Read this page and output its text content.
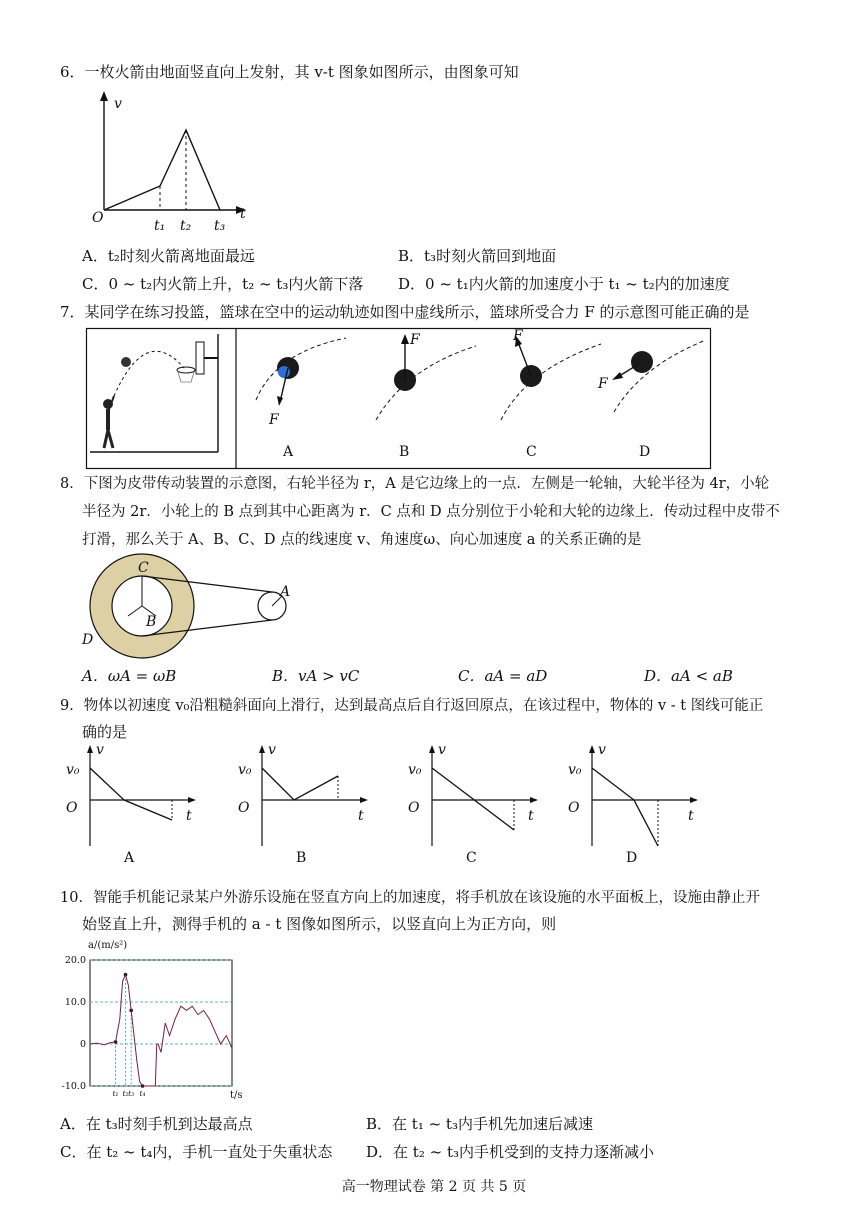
6．一枚火箭由地面竖直向上发射，其 v-t 图象如图所示，由图象可知
v
t
O	t₁ t₂ t₃
A．t₂时刻火箭离地面最远	B．t₃时刻火箭回到地面
C．0 ~ t₂内火箭上升，t₂ ~ t₃内火箭下落 D．0 ~ t₁内火箭的加速度小于 t₁ ~ t₂内的加速度
7．某同学在练习投篮，篮球在空中的运动轨迹如图中虚线所示，篮球所受合力 F 的示意图可能正确的是
F
F	F
F
A	B	C	D
8．下图为皮带传动装置的示意图，右轮半径为 r，A 是它边缘上的一点．左侧是一轮轴，大轮半径为 4r，小轮
半径为 2r．小轮上的 B 点到其中心距离为 r．C 点和 D 点分别位于小轮和大轮的边缘上．传动过程中皮带不
打滑，那么关于 A、B、C、D 点的线速度 v、角速度ω、向心加速度 a 的关系正确的是
C
B
D
A
A．ωA = ωB	B．vA > vC	C．aA = aD	D．aA < aB
9．物体以初速度 v₀沿粗糙斜面向上滑行，达到最高点后自行返回原点，在该过程中，物体的 v - t 图线可能正
确的是
v
v₀
O	t
A
v
v₀
O	t
B
v
v₀
O	t
C
v
v₀
O	t
D
10．智能手机能记录某户外游乐设施在竖直方向上的加速度，将手机放在该设施的水平面板上，设施由静止开
始竖直上升，测得手机的 a - t 图像如图所示，以竖直向上为正方向，则
a/(m/s²)
t/s
20.0
10.0
0
-10.0
t₁ t₂ t₃ t₄
A．在 t₃时刻手机到达最高点	B．在 t₁ ~ t₃内手机先加速后减速
C．在 t₂ ~ t₄内，手机一直处于失重状态 D．在 t₂ ~ t₃内手机受到的支持力逐渐减小
高一物理试卷 第 2 页 共 5 页
